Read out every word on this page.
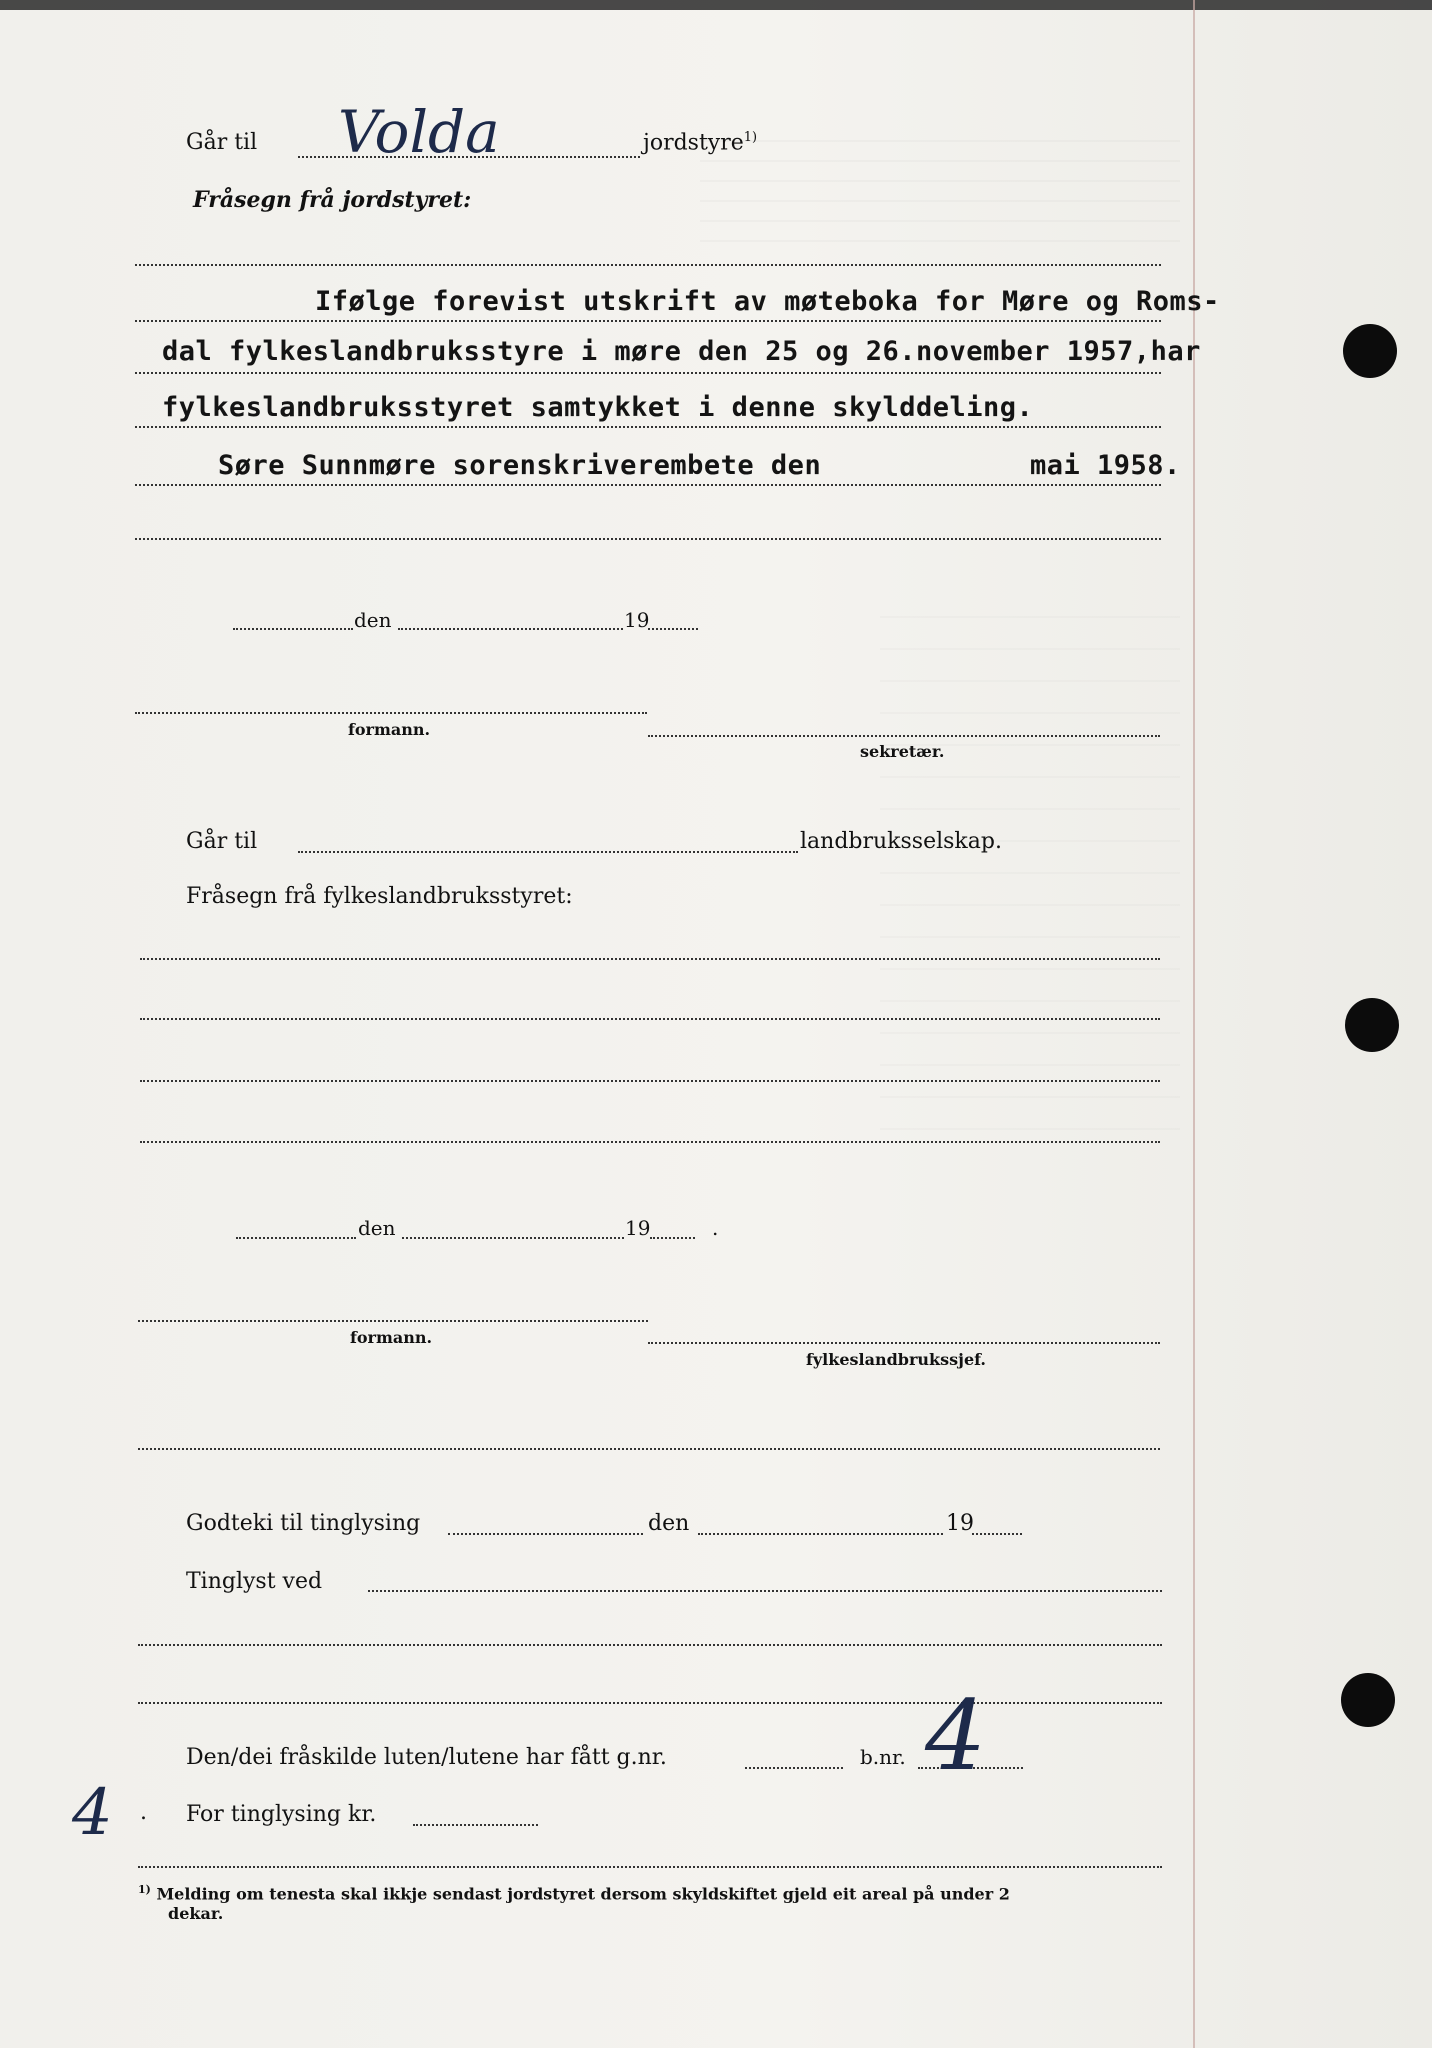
Går til Volda	jordstyre$^{1)}$
Fråsegn frå jordstyret:
Ifølge forevist utskrift av møteboka for Møre og Roms-
dal fylkeslandbruksstyre i møre den 25 og 26.november 1957,har
fylkeslandbruksstyret samtykket i denne skylddeling.
Søre Sunnmøre sorenskriverembete den	mai 1958.
den	19
formann.
sekretær.
Går til	landbruksselskap.
Fråsegn frå fylkeslandbruksstyret:
den	19	.
formann.
fylkeslandbrukssjef.
Godteki til tinglysing	den	19
Tinglyst ved
Den/dei fråskilde luten/lutene har fått g.nr.	b.nr. 4
4 . For tinglysing kr.
$^{1)}$ Melding om tenesta skal ikkje sendast jordstyret dersom skyldskiftet gjeld eit areal på under 2
dekar.
